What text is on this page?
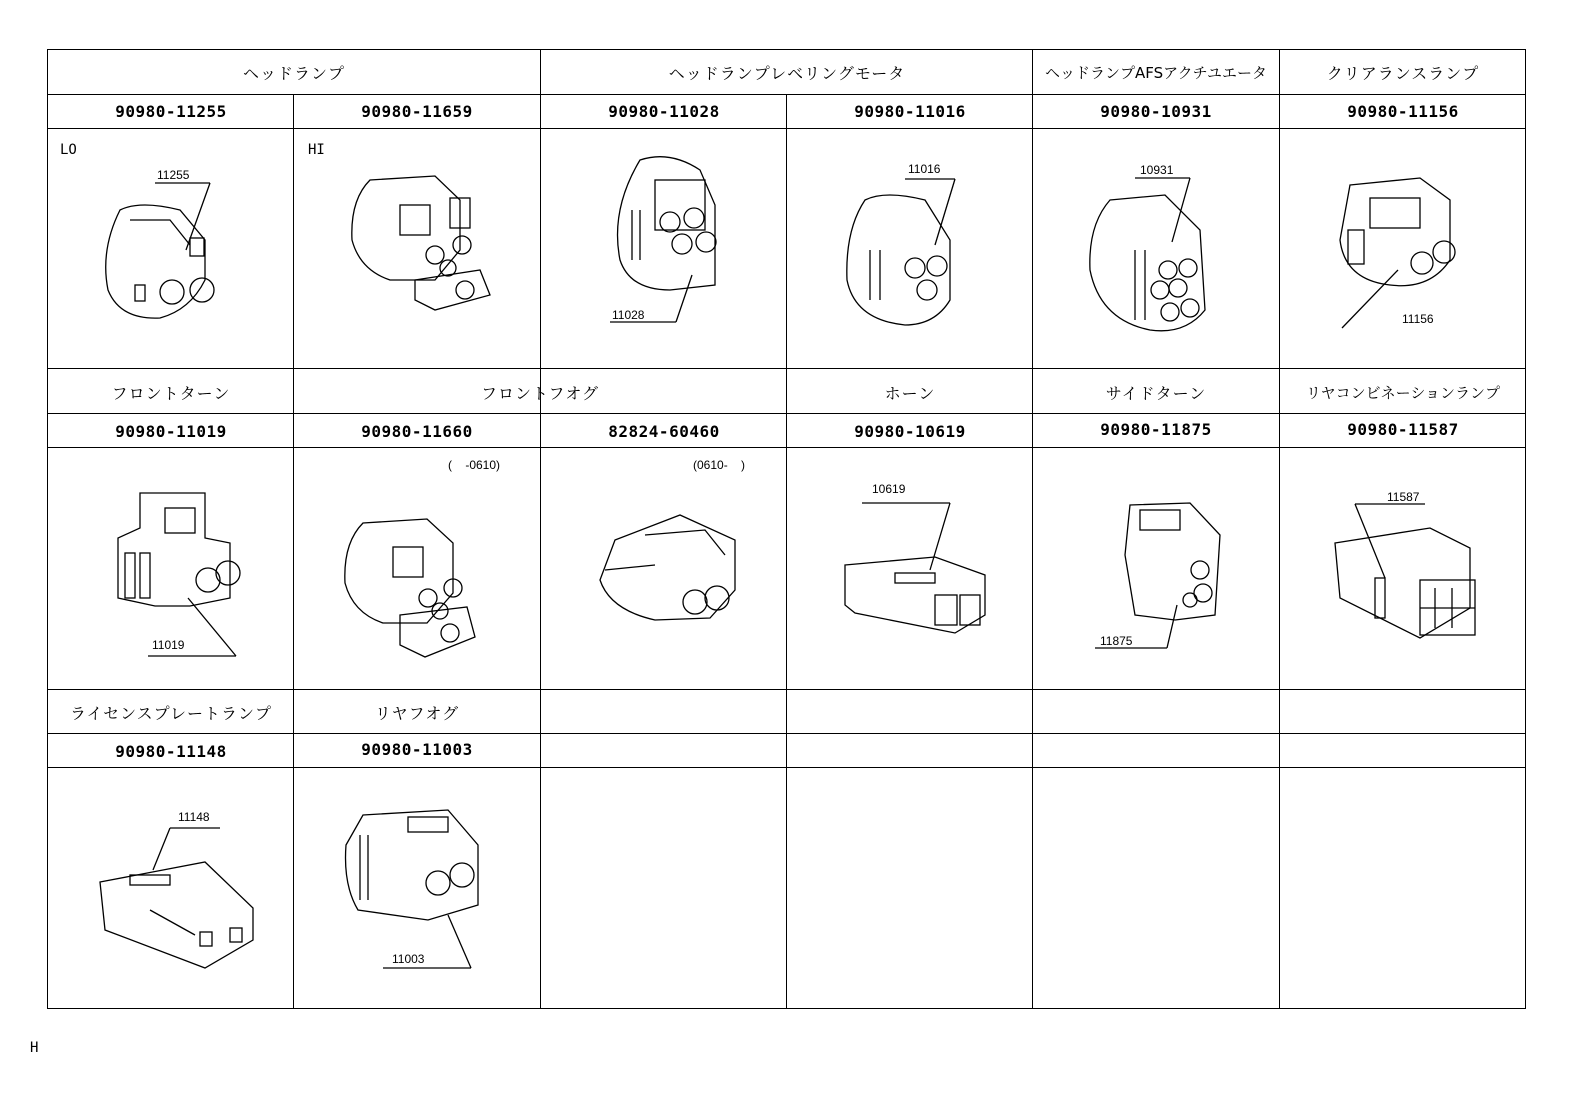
ヘッドランプ	ヘッドランプレベリングモータ	ヘッドランプAFSアクチユエータ	クリアランスランプ
90980-11255	90980-11659	90980-11028	90980-11016	90980-10931	90980-11156
LO	HI
11255
11028
11016	10931
11156
フロントターン	フロントフオグ	ホーン	サイドターン	リヤコンビネーションランプ
90980-11019	90980-11660	82824-60460	90980-10619	90980-11875	90980-11587
(    -0610)	(0610-    )
11019
10619
11875
11587
ライセンスプレートランプ	リヤフオグ
90980-11148	90980-11003
11148
11003
H
